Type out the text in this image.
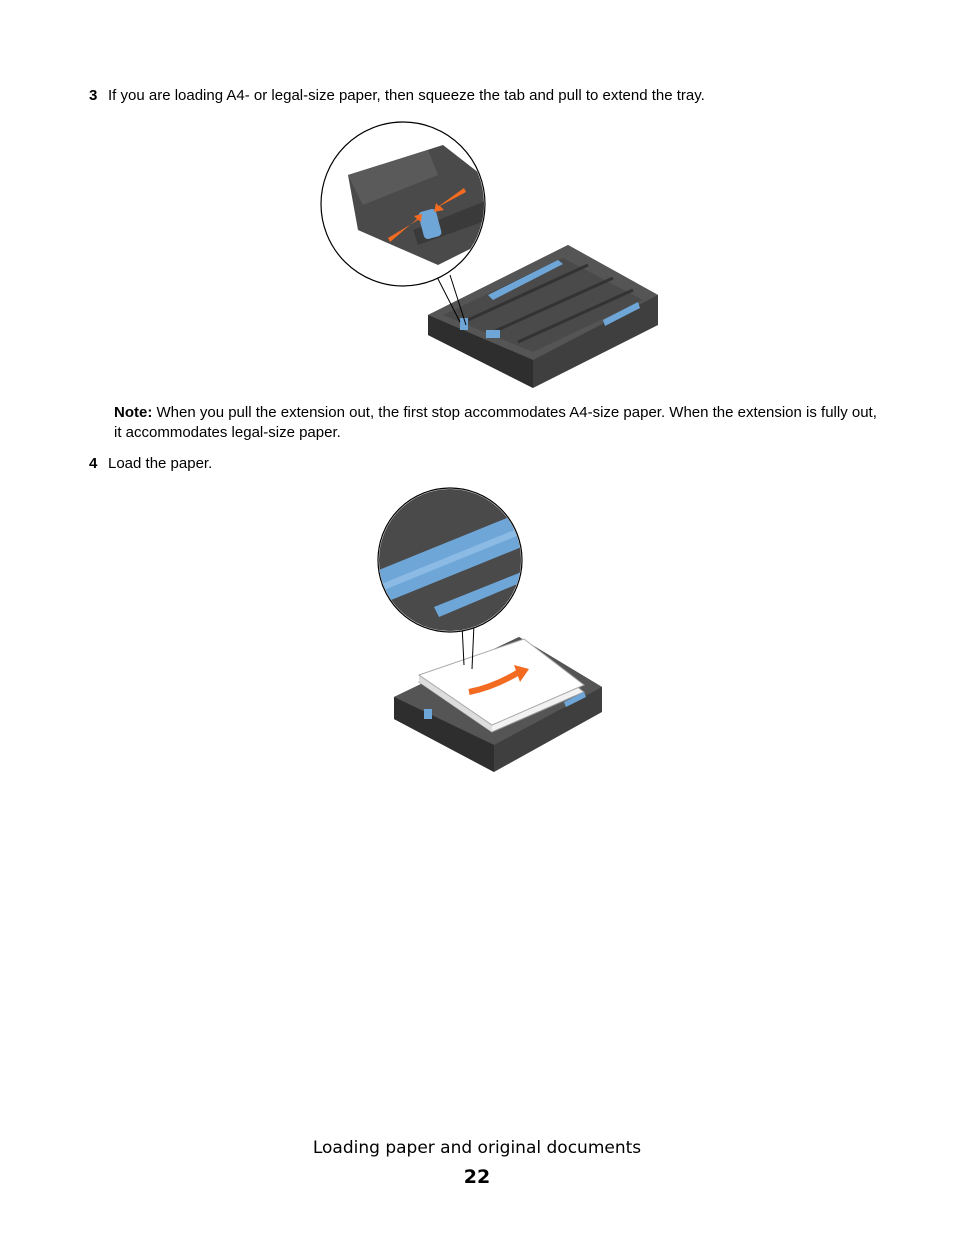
3 If you are loading A4- or legal-size paper, then squeeze the tab and pull to extend the tray.
Note: When you pull the extension out, the first stop accommodates A4-size paper. When the extension is fully out, it accommodates legal-size paper.
4 Load the paper.
Loading paper and original documents
22
